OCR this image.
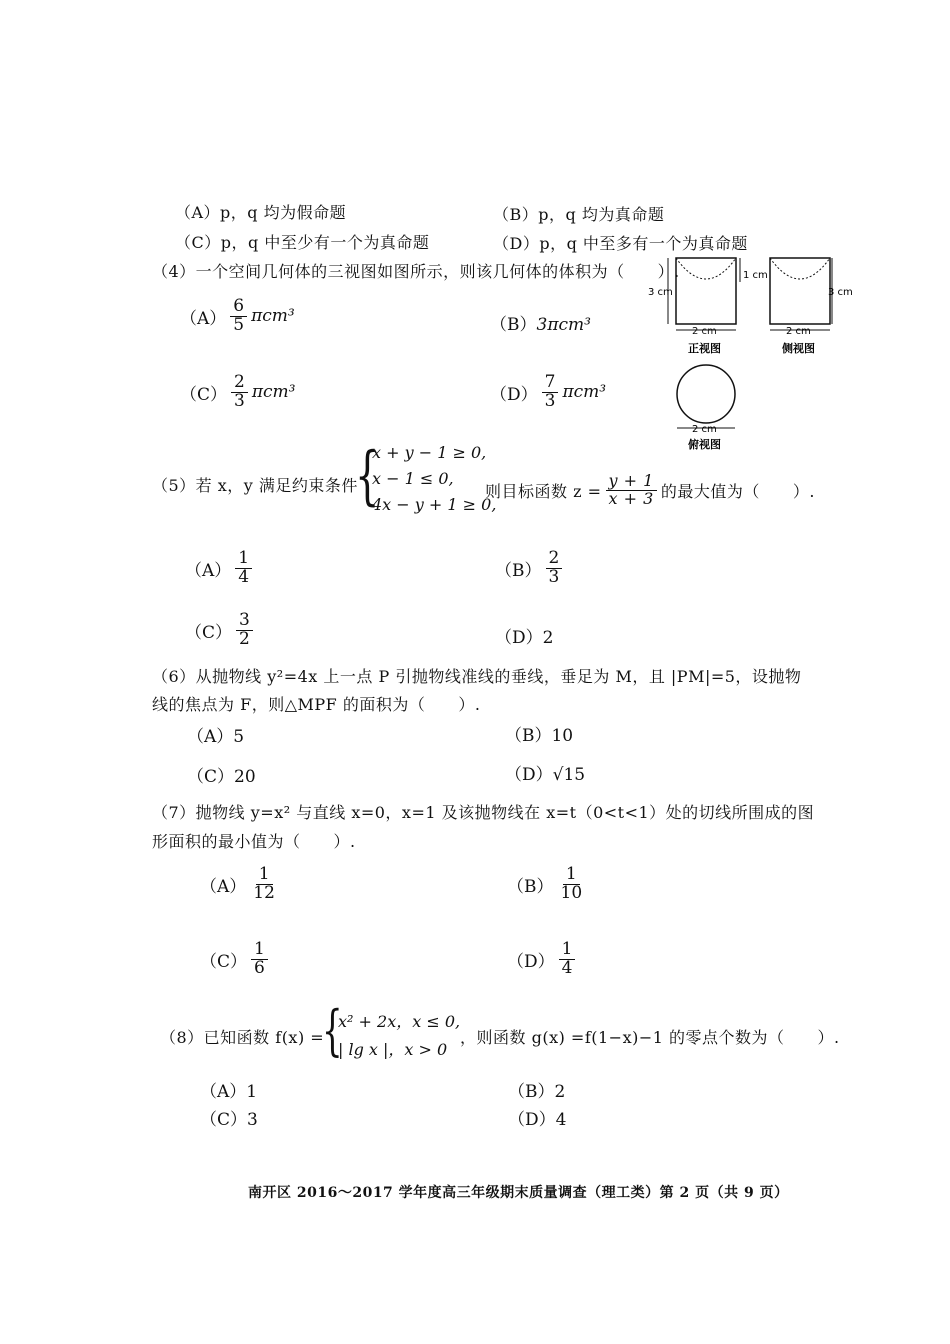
（A）p，q 均为假命题	（B）p，q 均为真命题
（C）p，q 中至少有一个为真命题	（D）p，q 中至多有一个为真命题
（4）一个空间几何体的三视图如图所示，则该几何体的体积为（　　）.
$(A) \frac{6}{5} \pi cm^3$	（B）3πcm³
$(C) \frac{2}{3} \pi cm^3$	$(D) \frac{7}{3} \pi cm^3$
3 cm
1 cm
2 cm
正视图
3 cm
2 cm
侧视图
2 cm
俯视图
（5）若 x，y 满足约束条件
{
x + y − 1 ≥ 0,
x − 1 ≤ 0,
4x − y + 1 ≥ 0,
则目标函数 $z = \frac{y + 1}{x + 3}$ 的最大值为（　　）.
$(A) \frac{1}{4}$	$(B) \frac{2}{3}$
$(C) \frac{3}{2}$	（D）2
（6）从抛物线 y²=4x 上一点 P 引抛物线准线的垂线，垂足为 M，且 |PM|=5，设抛物
线的焦点为 F，则△MPF 的面积为（　　）.
（A）5	（B）10
（C）20	（D）√15
（7）抛物线 y=x² 与直线 x=0，x=1 及该抛物线在 x=t（0<t<1）处的切线所围成的图
形面积的最小值为（　　）.
$(A) \frac{1}{12}$	$(B) \frac{1}{10}$
$(C) \frac{1}{6}$	$(D) \frac{1}{4}$
（8）已知函数 f(x) =
{
x² + 2x，x ≤ 0,
| lg x |，x > 0
，则函数 g(x) =f(1−x)−1 的零点个数为（　　）.
（A）1	（B）2
（C）3	（D）4
南开区 2016～2017 学年度高三年级期末质量调查（理工类）第 2 页（共 9 页）
